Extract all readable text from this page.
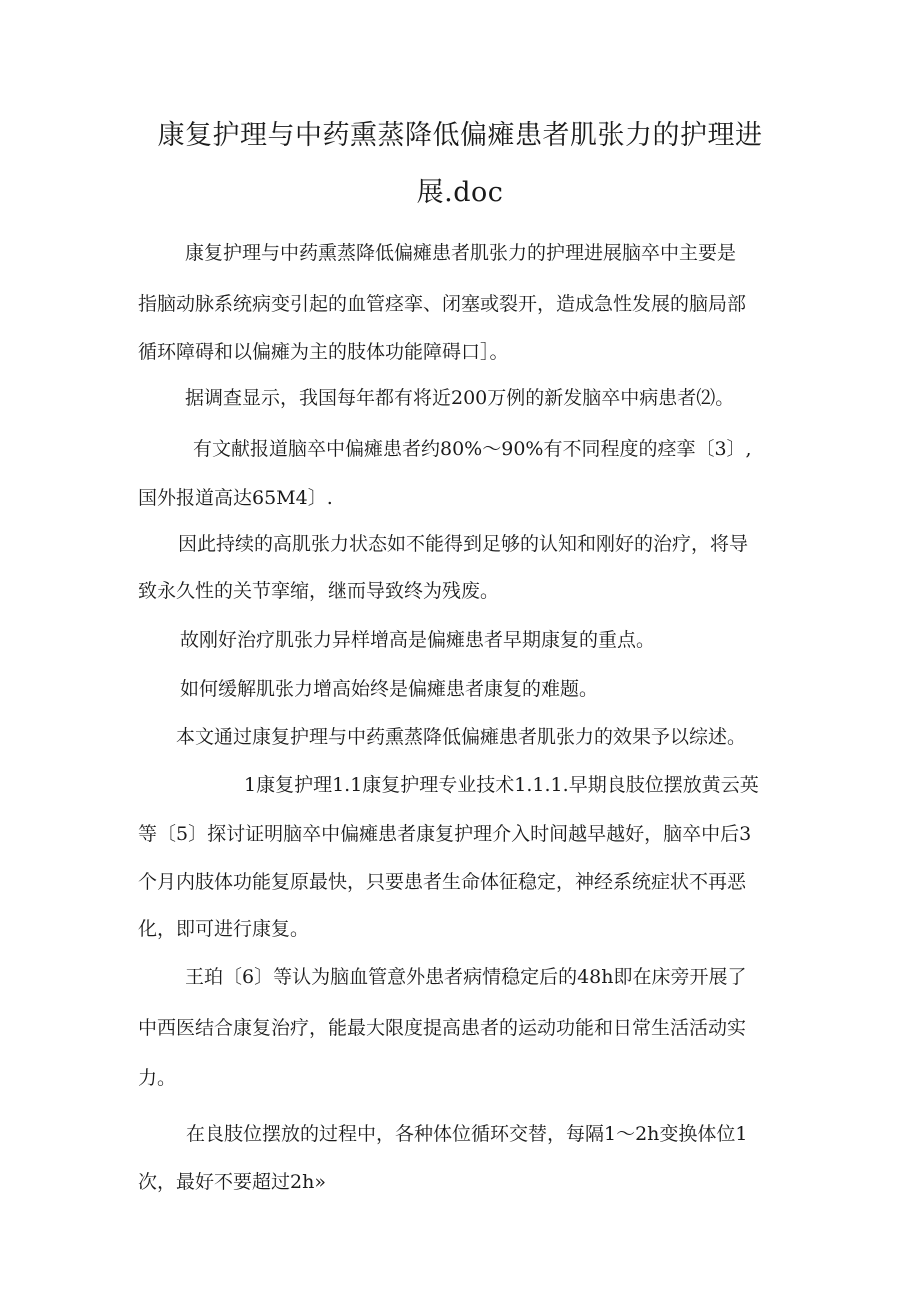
康复护理与中药熏蒸降低偏瘫患者肌张力的护理进
展.doc
康复护理与中药熏蒸降低偏瘫患者肌张力的护理进展脑卒中主要是
指脑动脉系统病变引起的血管痉挛、闭塞或裂开，造成急性发展的脑局部
循环障碍和以偏瘫为主的肢体功能障碍口］。
据调查显示，我国每年都有将近200万例的新发脑卒中病患者⑵。
有文献报道脑卒中偏瘫患者约80%～90%有不同程度的痉挛〔3〕,
国外报道高达65M4〕.
因此持续的高肌张力状态如不能得到足够的认知和刚好的治疗，将导
致永久性的关节挛缩，继而导致终为残废。
故刚好治疗肌张力异样增高是偏瘫患者早期康复的重点。
如何缓解肌张力增高始终是偏瘫患者康复的难题。
本文通过康复护理与中药熏蒸降低偏瘫患者肌张力的效果予以综述。
1康复护理1.1康复护理专业技术1.1.1.早期良肢位摆放黄云英
等〔5〕探讨证明脑卒中偏瘫患者康复护理介入时间越早越好，脑卒中后3
个月内肢体功能复原最快，只要患者生命体征稳定，神经系统症状不再恶
化，即可进行康复。
王珀〔6〕等认为脑血管意外患者病情稳定后的48h即在床旁开展了
中西医结合康复治疗，能最大限度提高患者的运动功能和日常生活活动实
力。
在良肢位摆放的过程中，各种体位循环交替，每隔1～2h变换体位1
次，最好不要超过2h»
